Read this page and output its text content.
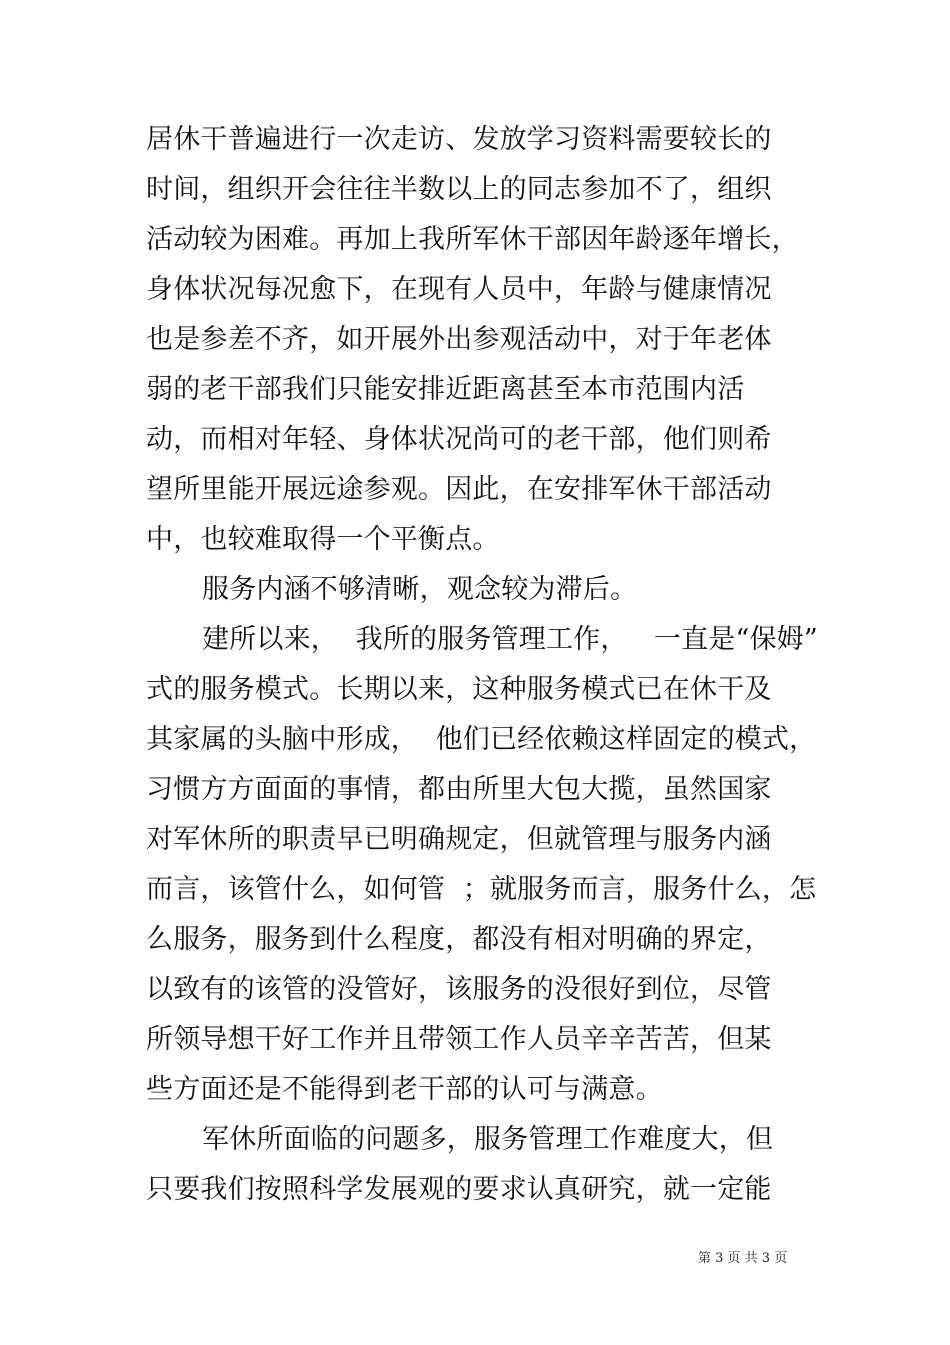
居休干普遍进行一次走访、发放学习资料需要较长的
时间，组织开会往往半数以上的同志参加不了，组织
活动较为困难。再加上我所军休干部因年龄逐年增长，
身体状况每况愈下，在现有人员中，年龄与健康情况
也是参差不齐，如开展外出参观活动中，对于年老体
弱的老干部我们只能安排近距离甚至本市范围内活
动，而相对年轻、身体状况尚可的老干部，他们则希
望所里能开展远途参观。因此，在安排军休干部活动
中，也较难取得一个平衡点。
服务内涵不够清晰，观念较为滞后。
建所以来，  我所的服务管理工作，   一直是“保姆”
式的服务模式。长期以来，这种服务模式已在休干及
其家属的头脑中形成，  他们已经依赖这样固定的模式，
习惯方方面面的事情，都由所里大包大揽，虽然国家
对军休所的职责早已明确规定，但就管理与服务内涵
而言，该管什么，如何管  ；就服务而言，服务什么，怎
么服务，服务到什么程度，都没有相对明确的界定，
以致有的该管的没管好，该服务的没很好到位，尽管
所领导想干好工作并且带领工作人员辛辛苦苦，但某
些方面还是不能得到老干部的认可与满意。
军休所面临的问题多，服务管理工作难度大，但
只要我们按照科学发展观的要求认真研究，就一定能
第 3 页 共 3 页
